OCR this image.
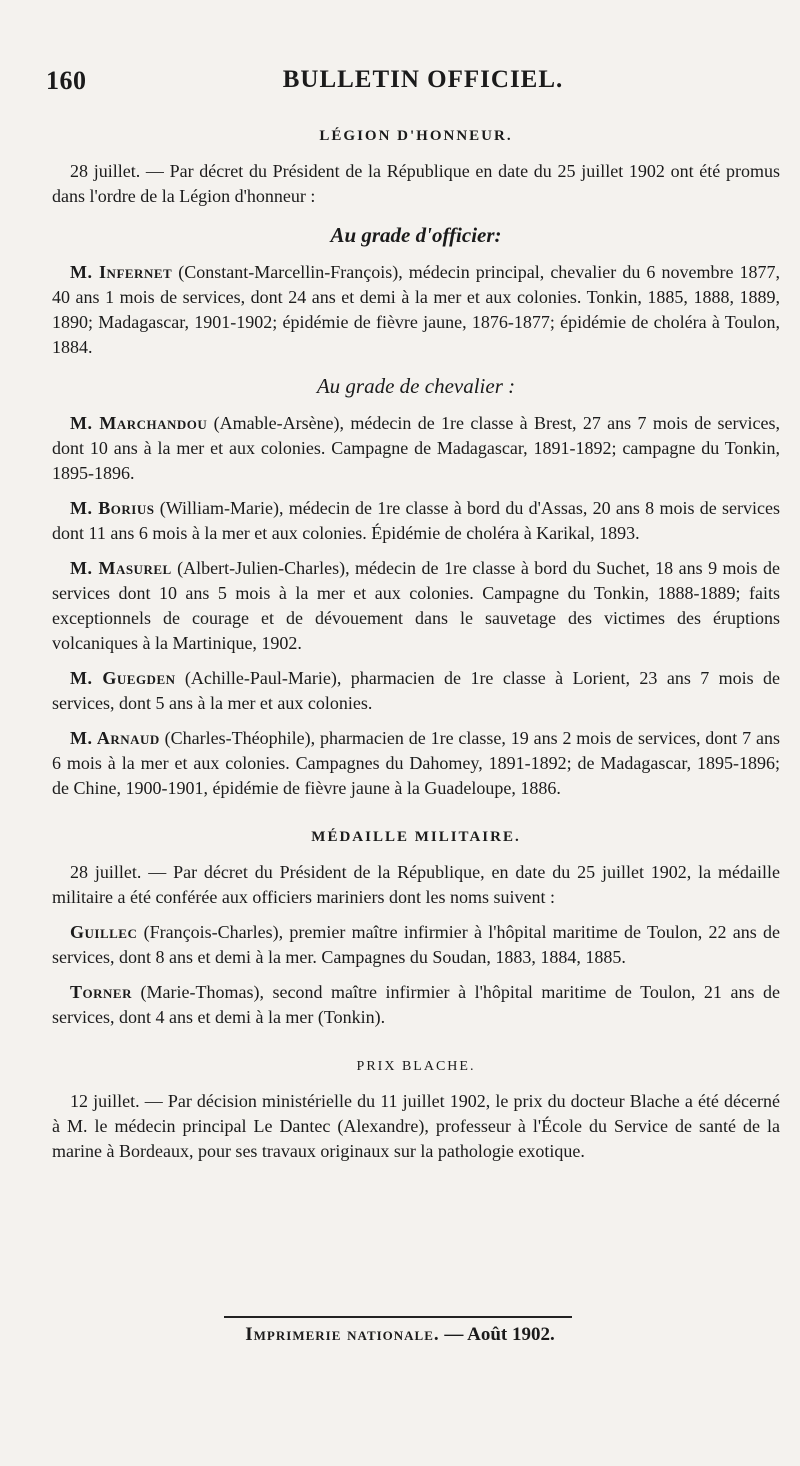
160	BULLETIN OFFICIEL.
LÉGION D'HONNEUR.

28 juillet. — Par décret du Président de la République en date du 25 juillet 1902 ont été promus dans l'ordre de la Légion d'honneur :

Au grade d'officier:

M. Infernet (Constant-Marcellin-François), médecin principal, chevalier du 6 novembre 1877, 40 ans 1 mois de services, dont 24 ans et demi à la mer et aux colonies. Tonkin, 1885, 1888, 1889, 1890; Madagascar, 1901-1902; épidémie de fièvre jaune, 1876-1877; épidémie de choléra à Toulon, 1884.

Au grade de chevalier :

M. Marchandou (Amable-Arsène), médecin de 1re classe à Brest, 27 ans 7 mois de services, dont 10 ans à la mer et aux colonies. Campagne de Madagascar, 1891-1892; campagne du Tonkin, 1895-1896.

M. Borius (William-Marie), médecin de 1re classe à bord du d'Assas, 20 ans 8 mois de services dont 11 ans 6 mois à la mer et aux colonies. Épidémie de choléra à Karikal, 1893.

M. Masurel (Albert-Julien-Charles), médecin de 1re classe à bord du Suchet, 18 ans 9 mois de services dont 10 ans 5 mois à la mer et aux colonies. Campagne du Tonkin, 1888-1889; faits exceptionnels de courage et de dévouement dans le sauvetage des victimes des éruptions volcaniques à la Martinique, 1902.

M. Guegden (Achille-Paul-Marie), pharmacien de 1re classe à Lorient, 23 ans 7 mois de services, dont 5 ans à la mer et aux colonies.

M. Arnaud (Charles-Théophile), pharmacien de 1re classe, 19 ans 2 mois de services, dont 7 ans 6 mois à la mer et aux colonies. Campagnes du Dahomey, 1891-1892; de Madagascar, 1895-1896; de Chine, 1900-1901, épidémie de fièvre jaune à la Guadeloupe, 1886.

MÉDAILLE MILITAIRE.

28 juillet. — Par décret du Président de la République, en date du 25 juillet 1902, la médaille militaire a été conférée aux officiers mariniers dont les noms suivent :

Guillec (François-Charles), premier maître infirmier à l'hôpital maritime de Toulon, 22 ans de services, dont 8 ans et demi à la mer. Campagnes du Soudan, 1883, 1884, 1885.

Torner (Marie-Thomas), second maître infirmier à l'hôpital maritime de Toulon, 21 ans de services, dont 4 ans et demi à la mer (Tonkin).

PRIX BLACHE.

12 juillet. — Par décision ministérielle du 11 juillet 1902, le prix du docteur Blache a été décerné à M. le médecin principal Le Dantec (Alexandre), professeur à l'École du Service de santé de la marine à Bordeaux, pour ses travaux originaux sur la pathologie exotique.

Imprimerie nationale. — Août 1902.
